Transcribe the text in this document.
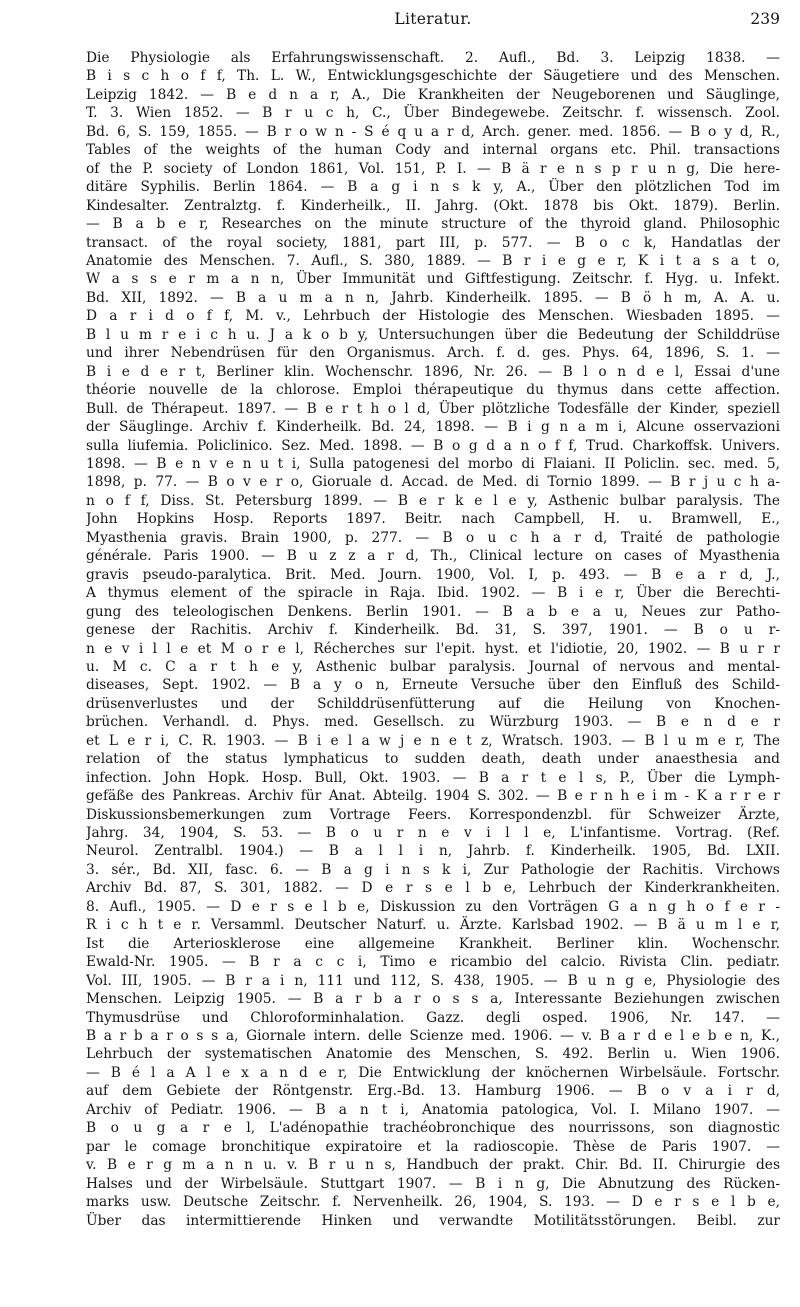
Literatur.	239

Die Physiologie als Erfahrungswissenschaft. 2. Aufl., Bd. 3. Leipzig 1838. —
B i s c h o f f, Th. L. W., Entwicklungsgeschichte der Säugetiere und des Menschen.
Leipzig 1842. — B e d n a r, A., Die Krankheiten der Neugeborenen und Säuglinge,
T. 3. Wien 1852. — B r u c h, C., Über Bindegewebe. Zeitschr. f. wissensch. Zool.
Bd. 6, S. 159, 1855. — B r o w n - S é q u a r d, Arch. gener. med. 1856. — B o y d, R.,
Tables of the weights of the human Cody and internal organs etc. Phil. transactions
of the P. society of London 1861, Vol. 151, P. I. — B ä r e n s p r u n g, Die here-
ditäre Syphilis. Berlin 1864. — B a g i n s k y, A., Über den plötzlichen Tod im
Kindesalter. Zentralztg. f. Kinderheilk., II. Jahrg. (Okt. 1878 bis Okt. 1879). Berlin.
— B a b e r, Researches on the minute structure of the thyroid gland. Philosophic
transact. of the royal society, 1881, part III, p. 577. — B o c k, Handatlas der
Anatomie des Menschen. 7. Aufl., S. 380, 1889. — B r i e g e r, K i t a s a t o,
W a s s e r m a n n, Über Immunität und Giftfestigung. Zeitschr. f. Hyg. u. Infekt.
Bd. XII, 1892. — B a u m a n n, Jahrb. Kinderheilk. 1895. — B ö h m, A. A. u.
D a r i d o f f, M. v., Lehrbuch der Histologie des Menschen. Wiesbaden 1895. —
B l u m r e i c h u. J a k o b y, Untersuchungen über die Bedeutung der Schilddrüse
und ihrer Nebendrüsen für den Organismus. Arch. f. d. ges. Phys. 64, 1896, S. 1. —
B i e d e r t, Berliner klin. Wochenschr. 1896, Nr. 26. — B l o n d e l, Essai d'une
théorie nouvelle de la chlorose. Emploi thérapeutique du thymus dans cette affection.
Bull. de Thérapeut. 1897. — B e r t h o l d, Über plötzliche Todesfälle der Kinder, speziell
der Säuglinge. Archiv f. Kinderheilk. Bd. 24, 1898. — B i g n a m i, Alcune osservazioni
sulla liufemia. Policlinico. Sez. Med. 1898. — B o g d a n o f f, Trud. Charkoffsk. Univers.
1898. — B e n v e n u t i, Sulla patogenesi del morbo di Flaiani. II Policlin. sec. med. 5,
1898, p. 77. — B o v e r o, Gioruale d. Accad. de Med. di Tornio 1899. — B r j u c h a-
n o f f, Diss. St. Petersburg 1899. — B e r k e l e y, Asthenic bulbar paralysis. The
John Hopkins Hosp. Reports 1897. Beitr. nach Campbell, H. u. Bramwell, E.,
Myasthenia gravis. Brain 1900, p. 277. — B o u c h a r d, Traité de pathologie
générale. Paris 1900. — B u z z a r d, Th., Clinical lecture on cases of Myasthenia
gravis pseudo-paralytica. Brit. Med. Journ. 1900, Vol. I, p. 493. — B e a r d, J.,
A thymus element of the spiracle in Raja. Ibid. 1902. — B i e r, Über die Berechti-
gung des teleologischen Denkens. Berlin 1901. — B a b e a u, Neues zur Patho-
genese der Rachitis. Archiv f. Kinderheilk. Bd. 31, S. 397, 1901. — B o u r-
n e v i l l e et M o r e l, Récherches sur l'epit. hyst. et l'idiotie, 20, 1902. — B u r r
u. M c. C a r t h e y, Asthenic bulbar paralysis. Journal of nervous and mental-
diseases, Sept. 1902. — B a y o n, Erneute Versuche über den Einfluß des Schild-
drüsenverlustes und der Schilddrüsenfütterung auf die Heilung von Knochen-
brüchen. Verhandl. d. Phys. med. Gesellsch. zu Würzburg 1903. — B e n d e r
et L e r i, C. R. 1903. — B i e l a w j e n e t z, Wratsch. 1903. — B l u m e r, The
relation of the status lymphaticus to sudden death, death under anaesthesia and
infection. John Hopk. Hosp. Bull, Okt. 1903. — B a r t e l s, P., Über die Lymph-
gefäße des Pankreas. Archiv für Anat. Abteilg. 1904 S. 302. — B e r n h e i m - K a r r e r
Diskussionsbemerkungen zum Vortrage Feers. Korrespondenzbl. für Schweizer Ärzte,
Jahrg. 34, 1904, S. 53. — B o u r n e v i l l e, L'infantisme. Vortrag. (Ref.
Neurol. Zentralbl. 1904.) — B a l l i n, Jahrb. f. Kinderheilk. 1905, Bd. LXII.
3. sér., Bd. XII, fasc. 6. — B a g i n s k i, Zur Pathologie der Rachitis. Virchows
Archiv Bd. 87, S. 301, 1882. — D e r s e l b e, Lehrbuch der Kinderkrankheiten.
8. Aufl., 1905. — D e r s e l b e, Diskussion zu den Vorträgen G a n g h o f e r -
R i c h t e r. Versamml. Deutscher Naturf. u. Ärzte. Karlsbad 1902. — B ä u m l e r,
Ist die Arteriosklerose eine allgemeine Krankheit. Berliner klin. Wochenschr.
Ewald-Nr. 1905. — B r a c c i, Timo e ricambio del calcio. Rivista Clin. pediatr.
Vol. III, 1905. — B r a i n, 111 und 112, S. 438, 1905. — B u n g e, Physiologie des
Menschen. Leipzig 1905. — B a r b a r o s s a, Interessante Beziehungen zwischen
Thymusdrüse und Chloroforminhalation. Gazz. degli osped. 1906, Nr. 147. —
B a r b a r o s s a, Giornale intern. delle Scienze med. 1906. — v. B a r d e l e b e n, K.,
Lehrbuch der systematischen Anatomie des Menschen, S. 492. Berlin u. Wien 1906.
— B é l a A l e x a n d e r, Die Entwicklung der knöchernen Wirbelsäule. Fortschr.
auf dem Gebiete der Röntgenstr. Erg.-Bd. 13. Hamburg 1906. — B o v a i r d,
Archiv of Pediatr. 1906. — B a n t i, Anatomia patologica, Vol. I. Milano 1907. —
B o u g a r e l, L'adénopathie trachéobronchique des nourrissons, son diagnostic
par le comage bronchitique expiratoire et la radioscopie. Thèse de Paris 1907. —
v. B e r g m a n n u. v. B r u n s, Handbuch der prakt. Chir. Bd. II. Chirurgie des
Halses und der Wirbelsäule. Stuttgart 1907. — B i n g, Die Abnutzung des Rücken-
marks usw. Deutsche Zeitschr. f. Nervenheilk. 26, 1904, S. 193. — D e r s e l b e,
Über das intermittierende Hinken und verwandte Motilitätsstörungen. Beibl. zur
